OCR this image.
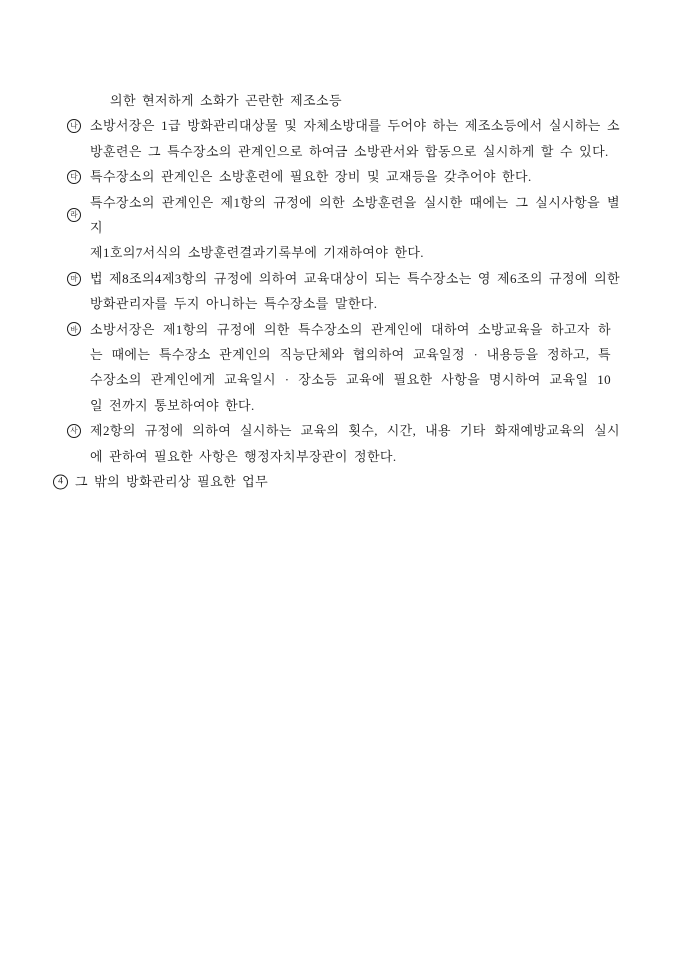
의한 현저하게 소화가 곤란한 제조소등
나 소방서장은 1급 방화관리대상물 및 자체소방대를 두어야 하는 제조소등에서 실시하는 소
방훈련은 그 특수장소의 관계인으로 하여금 소방관서와 합동으로 실시하게 할 수 있다.
다 특수장소의 관계인은 소방훈련에 필요한 장비 및 교재등을 갖추어야 한다.
라
특수장소의 관계인은 제1항의 규정에 의한 소방훈련을 실시한 때에는 그 실시사항을 별지
제1호의7서식의 소방훈련결과기록부에 기재하여야 한다.
마 법 제8조의4제3항의 규정에 의하여 교육대상이 되는 특수장소는 영 제6조의 규정에 의한
방화관리자를 두지 아니하는 특수장소를 말한다.
바 소방서장은 제1항의 규정에 의한 특수장소의 관계인에 대하여 소방교육을 하고자 하
는 때에는 특수장소 관계인의 직능단체와 협의하여 교육일정 · 내용등을 정하고, 특
수장소의 관계인에게 교육일시 · 장소등 교육에 필요한 사항을 명시하여 교육일 10
일 전까지 통보하여야 한다.
사 제2항의 규정에 의하여 실시하는 교육의 횟수, 시간, 내용 기타 화재예방교육의 실시
에 관하여 필요한 사항은 행정자치부장관이 정한다.
4 그 밖의 방화관리상 필요한 업무
